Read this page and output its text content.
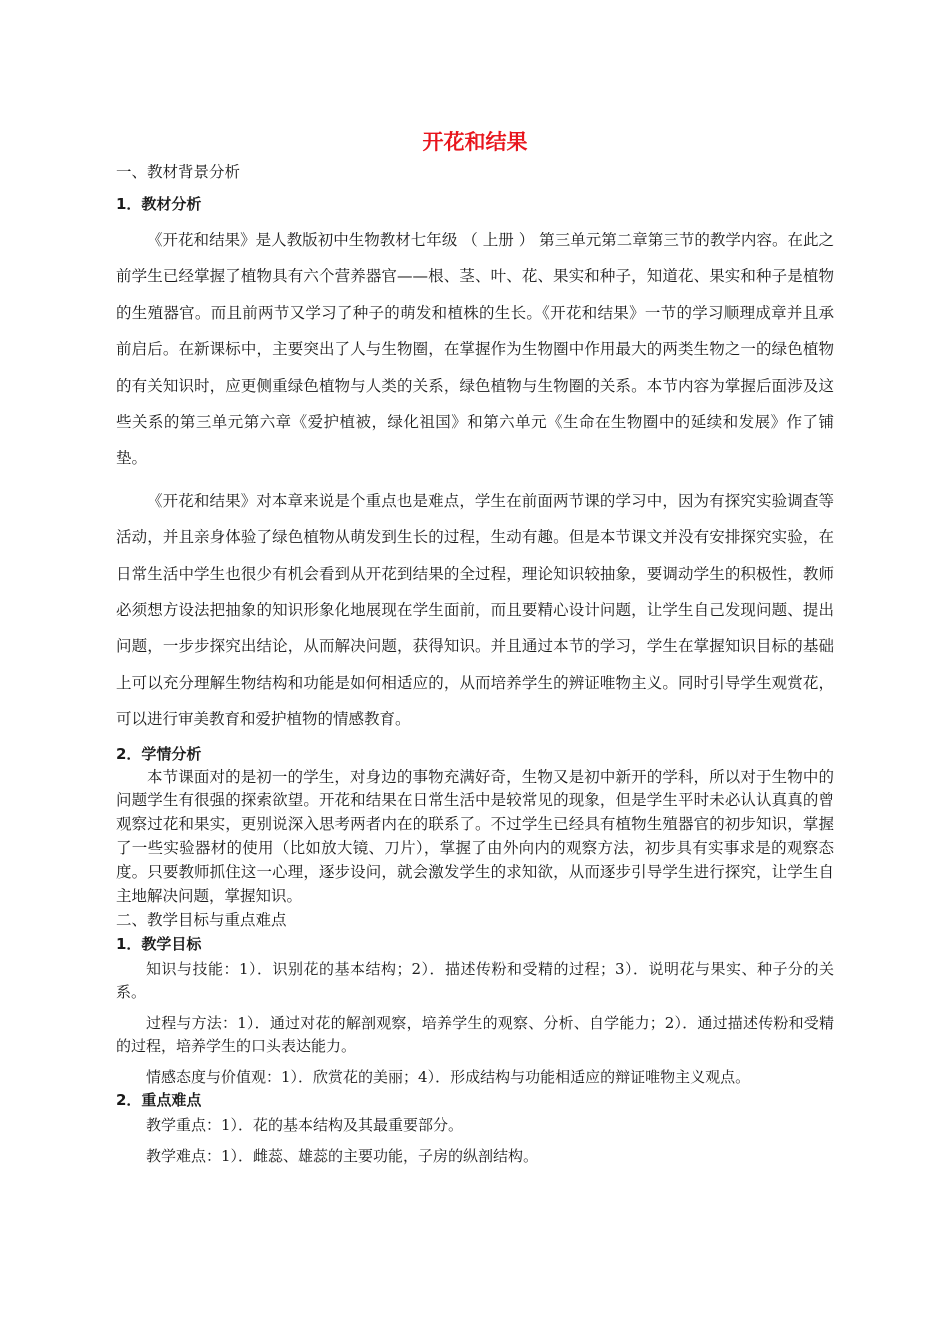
开花和结果

一、教材背景分析

1．教材分析

《开花和结果》是人教版初中生物教材七年级 （ 上册 ） 第三单元第二章第三节的教学内容。在此之前学生已经掌握了植物具有六个营养器官——根、茎、叶、花、果实和种子，知道花、果实和种子是植物的生殖器官。而且前两节又学习了种子的萌发和植株的生长。《开花和结果》一节的学习顺理成章并且承前启后。在新课标中，主要突出了人与生物圈，在掌握作为生物圈中作用最大的两类生物之一的绿色植物的有关知识时，应更侧重绿色植物与人类的关系，绿色植物与生物圈的关系。本节内容为掌握后面涉及这些关系的第三单元第六章《爱护植被，绿化祖国》和第六单元《生命在生物圈中的延续和发展》作了铺垫。

《开花和结果》对本章来说是个重点也是难点，学生在前面两节课的学习中，因为有探究实验调查等活动，并且亲身体验了绿色植物从萌发到生长的过程，生动有趣。但是本节课文并没有安排探究实验，在日常生活中学生也很少有机会看到从开花到结果的全过程，理论知识较抽象，要调动学生的积极性，教师必须想方设法把抽象的知识形象化地展现在学生面前，而且要精心设计问题，让学生自己发现问题、提出问题，一步步探究出结论，从而解决问题，获得知识。并且通过本节的学习，学生在掌握知识目标的基础上可以充分理解生物结构和功能是如何相适应的，从而培养学生的辨证唯物主义。同时引导学生观赏花，可以进行审美教育和爱护植物的情感教育。

2．学情分析

本节课面对的是初一的学生，对身边的事物充满好奇，生物又是初中新开的学科，所以对于生物中的问题学生有很强的探索欲望。开花和结果在日常生活中是较常见的现象，但是学生平时未必认认真真的曾观察过花和果实，更别说深入思考两者内在的联系了。不过学生已经具有植物生殖器官的初步知识，掌握了一些实验器材的使用（比如放大镜、刀片），掌握了由外向内的观察方法，初步具有实事求是的观察态度。只要教师抓住这一心理，逐步设问，就会激发学生的求知欲，从而逐步引导学生进行探究，让学生自主地解决问题，掌握知识。

二、教学目标与重点难点

1．教学目标

知识与技能：1）．识别花的基本结构；2）．描述传粉和受精的过程；3）．说明花与果实、种子分的关系。

过程与方法：1）．通过对花的解剖观察，培养学生的观察、分析、自学能力；2）．通过描述传粉和受精的过程，培养学生的口头表达能力。

情感态度与价值观：1）．欣赏花的美丽；4）．形成结构与功能相适应的辩证唯物主义观点。

2．重点难点

教学重点：1）．花的基本结构及其最重要部分。

教学难点：1）．雌蕊、雄蕊的主要功能，子房的纵剖结构。
